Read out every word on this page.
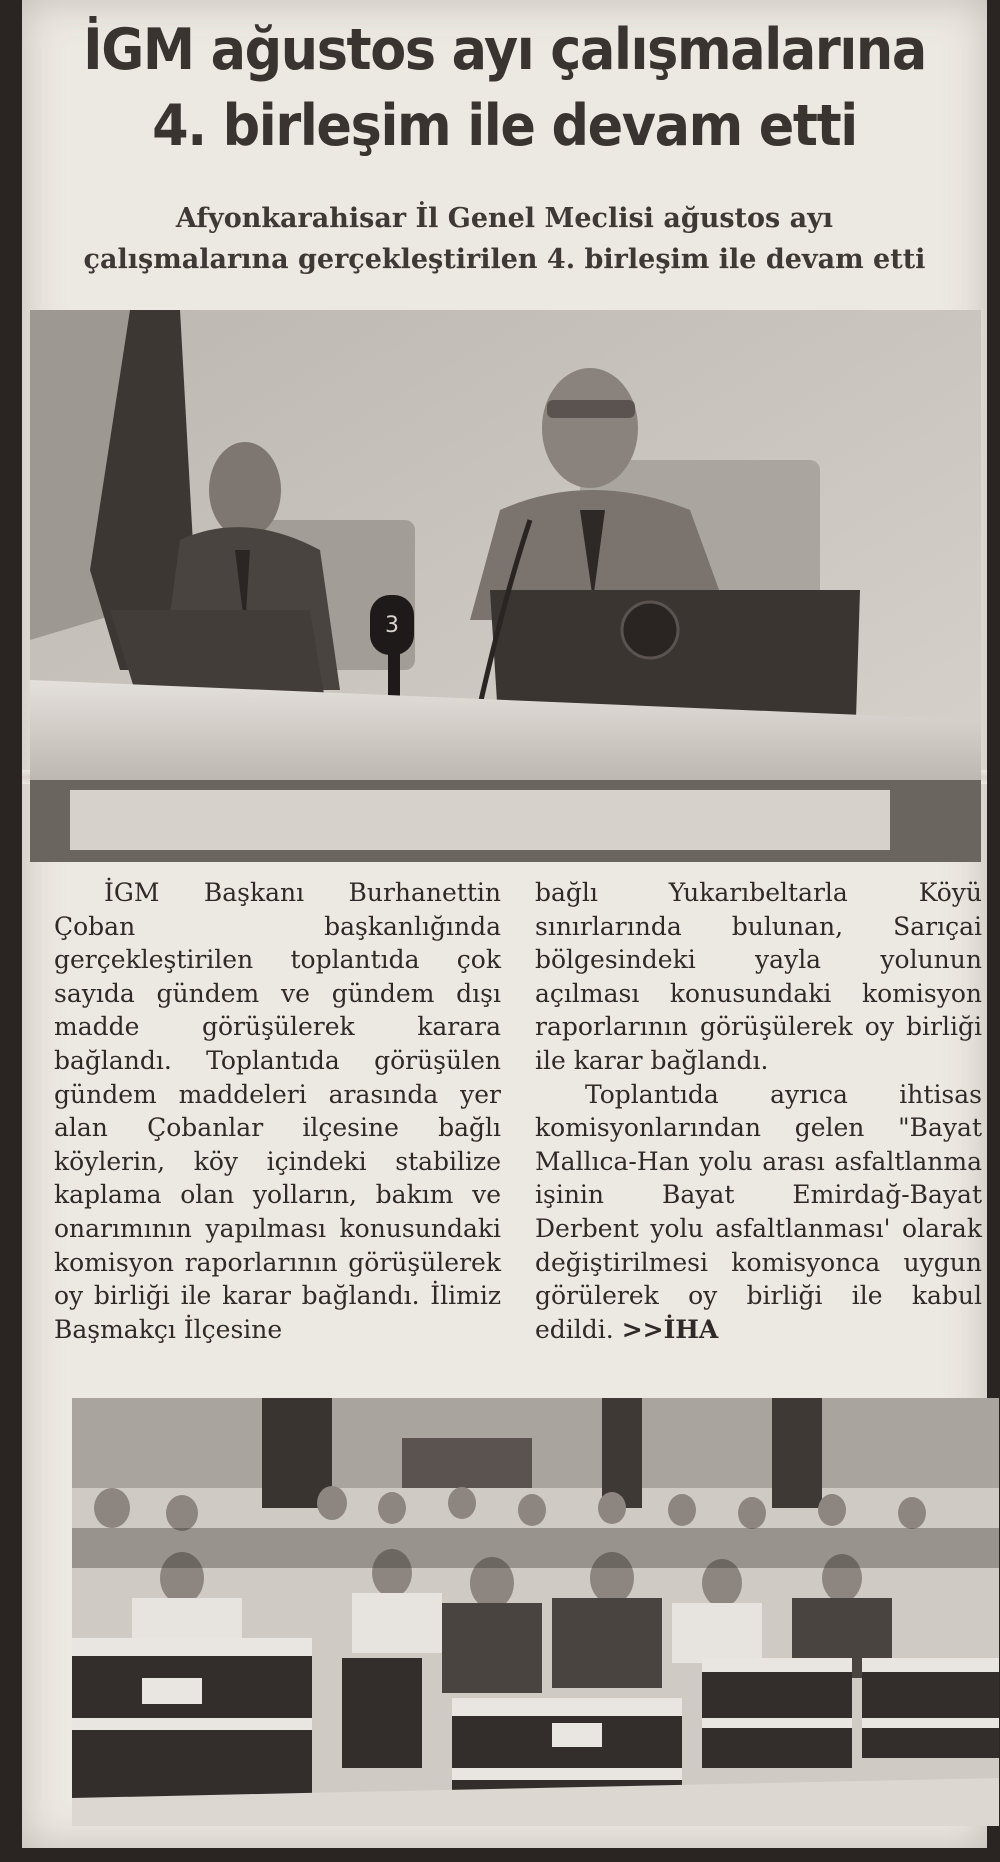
İGM ağustos ayı çalışmalarına
4. birleşim ile devam etti
Afyonkarahisar İl Genel Meclisi ağustos ayı
çalışmalarına gerçekleştirilen 4. birleşim ile devam etti
3

İGM Başkanı Burhanettin Çoban başkanlığında gerçekleştirilen toplantıda çok sayıda gündem ve gündem dışı madde görüşülerek karara bağlandı. Toplantıda görüşülen gündem maddeleri arasında yer alan Çobanlar ilçesine bağlı köylerin, köy içindeki stabilize kaplama olan yolların, bakım ve onarımının yapılması konusundaki komisyon raporlarının görüşülerek oy birliği ile karar bağlandı. İlimiz Başmakçı İlçesine

bağlı Yukarıbeltarla Köyü sınırlarında bulunan, Sarıçai bölgesindeki yayla yolunun açılması konusundaki komisyon raporlarının görüşülerek oy birliği ile karar bağlandı.

Toplantıda ayrıca ihtisas komisyonlarından gelen "Bayat Mallıca-Han yolu arası asfaltlanma işinin Bayat Emirdağ-Bayat Derbent yolu asfaltlanması' olarak değiştirilmesi komisyonca uygun görülerek oy birliği ile kabul edildi. >>İHA
